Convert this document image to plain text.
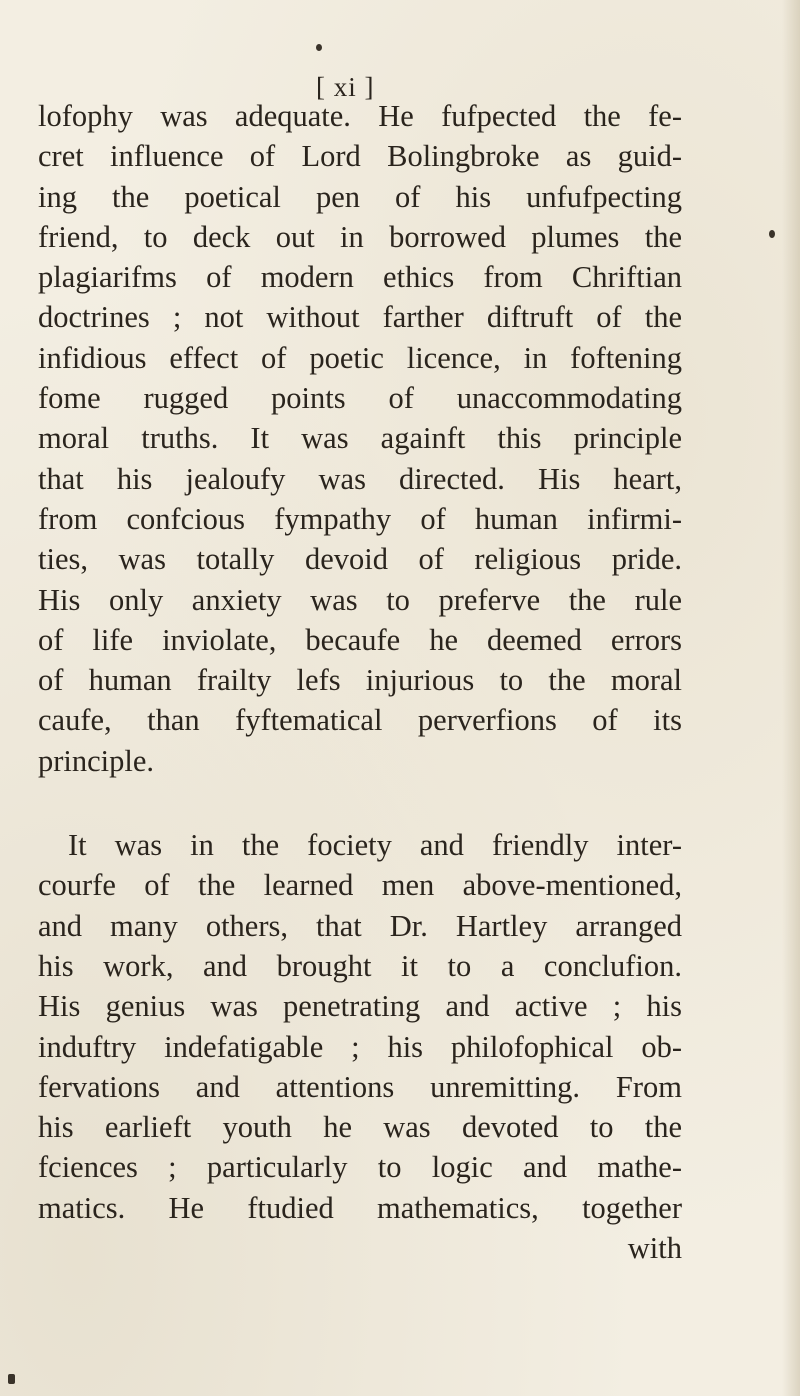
[ xi ]
lofophy was adequate. He fufpected the fe-
cret influence of Lord Bolingbroke as guid-
ing the poetical pen of his unfufpecting
friend, to deck out in borrowed plumes the
plagiarifms of modern ethics from Chriftian
doctrines ; not without farther diftruft of the
infidious effect of poetic licence, in foftening
fome rugged points of unaccommodating
moral truths. It was againft this principle
that his jealoufy was directed. His heart,
from confcious fympathy of human infirmi-
ties, was totally devoid of religious pride.
His only anxiety was to preferve the rule
of life inviolate, becaufe he deemed errors
of human frailty lefs injurious to the moral
caufe, than fyftematical perverfions of its
principle.
It was in the fociety and friendly inter-
courfe of the learned men above-mentioned,
and many others, that Dr. Hartley arranged
his work, and brought it to a conclufion.
His genius was penetrating and active ; his
induftry indefatigable ; his philofophical ob-
fervations and attentions unremitting. From
his earlieft youth he was devoted to the
fciences ; particularly to logic and mathe-
matics. He ftudied mathematics, together
with
